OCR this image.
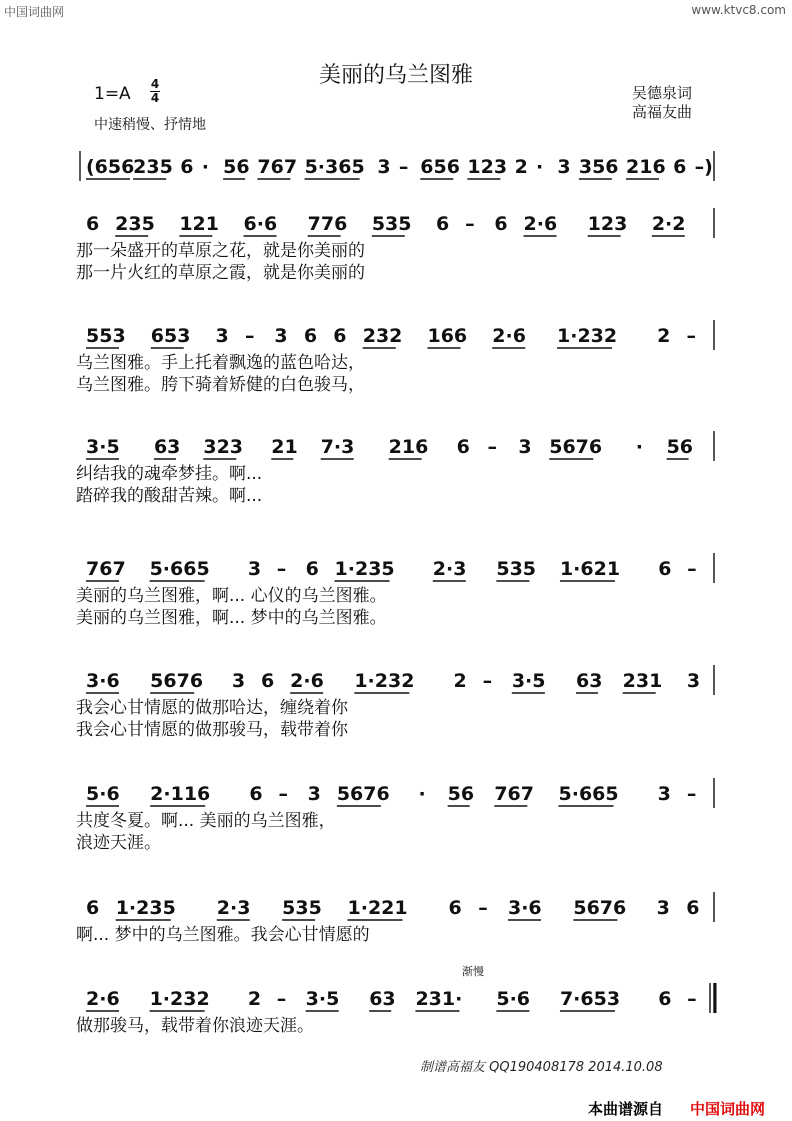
中国词曲网	www.ktvc8.com
美丽的乌兰图雅
1=A 4
4
中速稍慢、抒情地
吴德泉词
高福友曲
(656
235 6 · 56 767 5·365 3 – 656 123 2 · 3 356 216 6 –)
6 235 121 6·6 776 535 6 – 6 2·6 123 2·2
那一朵盛开的草原之花，就是你美丽的
那一片火红的草原之霞，就是你美丽的
553 653 3 – 3 6 6 232 166 2·6 1·232 2 –
乌兰图雅。手上托着飘逸的蓝色哈达，
乌兰图雅。胯下骑着矫健的白色骏马，
3·5 63 323 21 7·3 216 6 – 3 5676 · 56
纠结我的魂牵梦挂。啊...
踏碎我的酸甜苦辣。啊...
767 5·665 3 – 6 1·235 2·3 535 1·621 6 –
美丽的乌兰图雅，啊... 心仪的乌兰图雅。
美丽的乌兰图雅，啊... 梦中的乌兰图雅。
3·6 5676 3 6 2·6 1·232 2 – 3·5 63 231 3
我会心甘情愿的做那哈达，缠绕着你
我会心甘情愿的做那骏马，载带着你
5·6 2·116 6 – 3 5676 · 56 767 5·665 3 –
共度冬夏。啊... 美丽的乌兰图雅，
浪迹天涯。
6 1·235 2·3 535 1·221 6 – 3·6 5676 3 6
啊... 梦中的乌兰图雅。我会心甘情愿的
2·6 1·232 2 – 3·5 63 231· 5·6 7·653 6 –
做那骏马，载带着你浪迹天涯。
渐慢
制谱高福友 QQ190408178 2014.10.08
本曲谱源自 中国词曲网
